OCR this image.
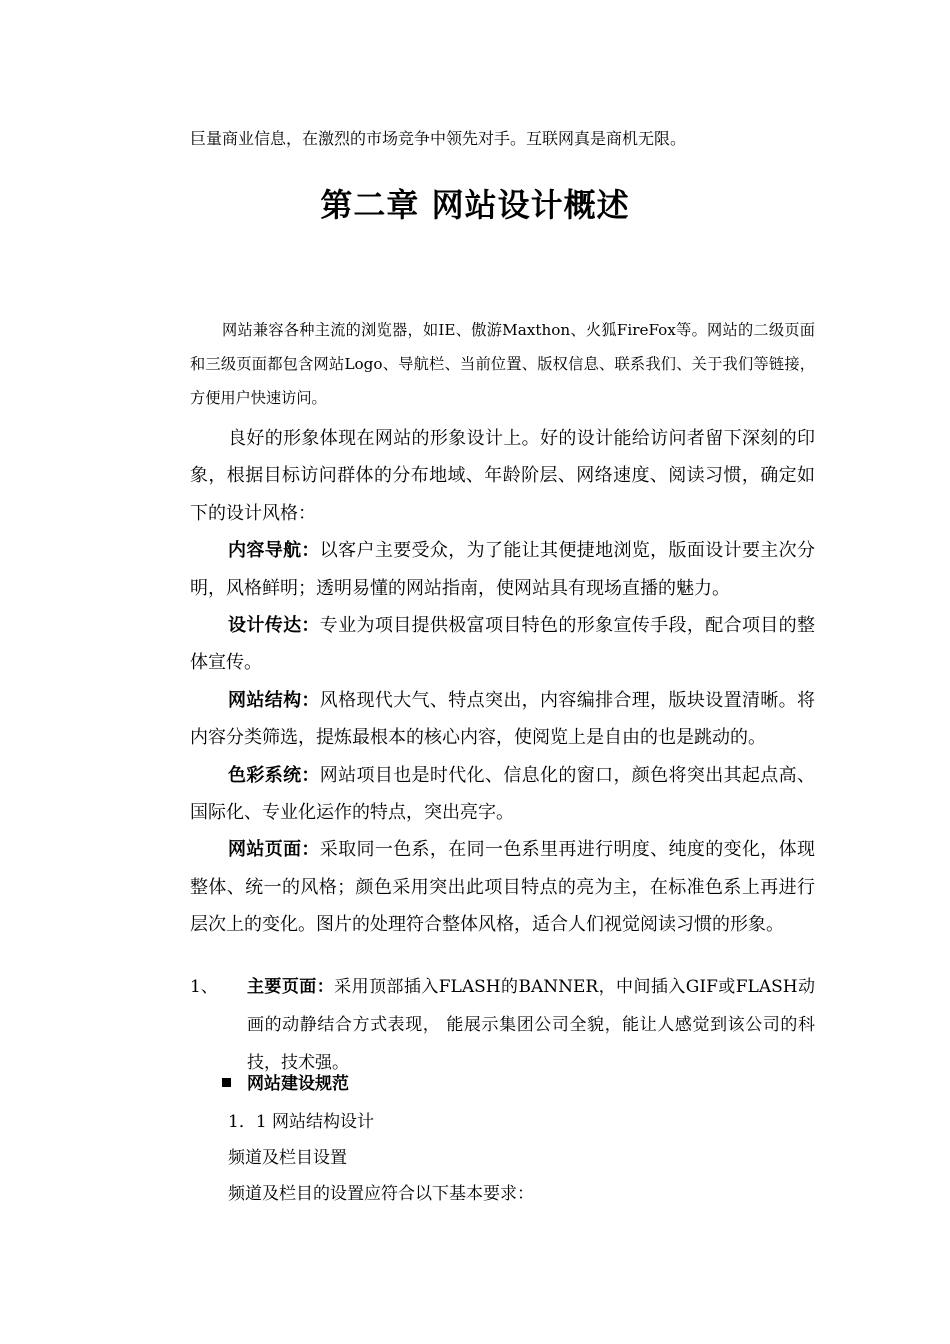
巨量商业信息，在激烈的市场竞争中领先对手。互联网真是商机无限。
第二章 网站设计概述
网站兼容各种主流的浏览器，如IE、傲游Maxthon、火狐FireFox等。网站的二级页面和三级页面都包含网站Logo、导航栏、当前位置、版权信息、联系我们、关于我们等链接，方便用户快速访问。

良好的形象体现在网站的形象设计上。好的设计能给访问者留下深刻的印象，根据目标访问群体的分布地域、年龄阶层、网络速度、阅读习惯，确定如下的设计风格：

内容导航：以客户主要受众，为了能让其便捷地浏览，版面设计要主次分明，风格鲜明；透明易懂的网站指南，使网站具有现场直播的魅力。

设计传达：专业为项目提供极富项目特色的形象宣传手段，配合项目的整体宣传。

网站结构：风格现代大气、特点突出，内容编排合理，版块设置清晰。将内容分类筛选，提炼最根本的核心内容，使阅览上是自由的也是跳动的。

色彩系统：网站项目也是时代化、信息化的窗口，颜色将突出其起点高、国际化、专业化运作的特点，突出亮字。

网站页面：采取同一色系，在同一色系里再进行明度、纯度的变化，体现整体、统一的风格；颜色采用突出此项目特点的亮为主，在标准色系上再进行层次上的变化。图片的处理符合整体风格，适合人们视觉阅读习惯的形象。

1、 主要页面：采用顶部插入FLASH的BANNER，中间插入GIF或FLASH动画的动静结合方式表现， 能展示集团公司全貌，能让人感觉到该公司的科技，技术强。
网站建设规范
1．1 网站结构设计
频道及栏目设置
频道及栏目的设置应符合以下基本要求：
